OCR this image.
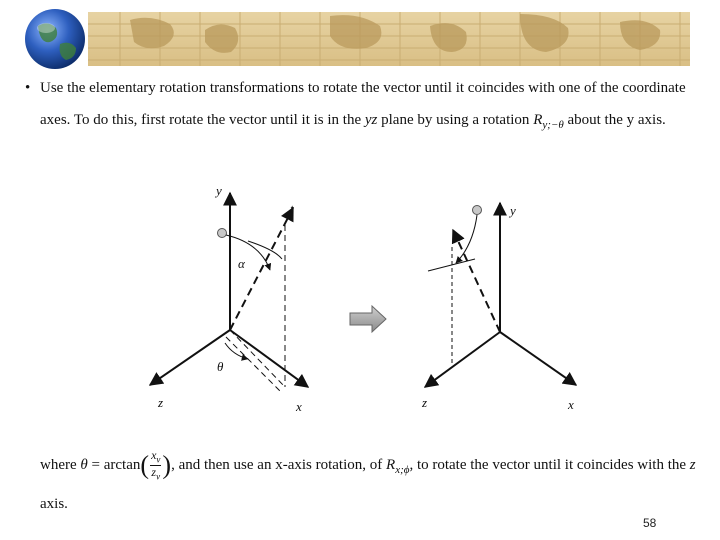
• Use the elementary rotation transformations to rotate the vector until it coincides with one of the coordinate axes. To do this, first rotate the vector until it is in the yz plane by using a rotation $R_{y;-\theta}$ about the y axis.

y⃗
t⃗
α
θ
z⃗	x⃗
y⃗
z⃗	x⃗

where $\theta = \arctan( \frac{x_v}{z_v}$ ), and then use an x-axis rotation, of $R_{x;\phi}$, to rotate the vector until it coincides with the z axis.

58
